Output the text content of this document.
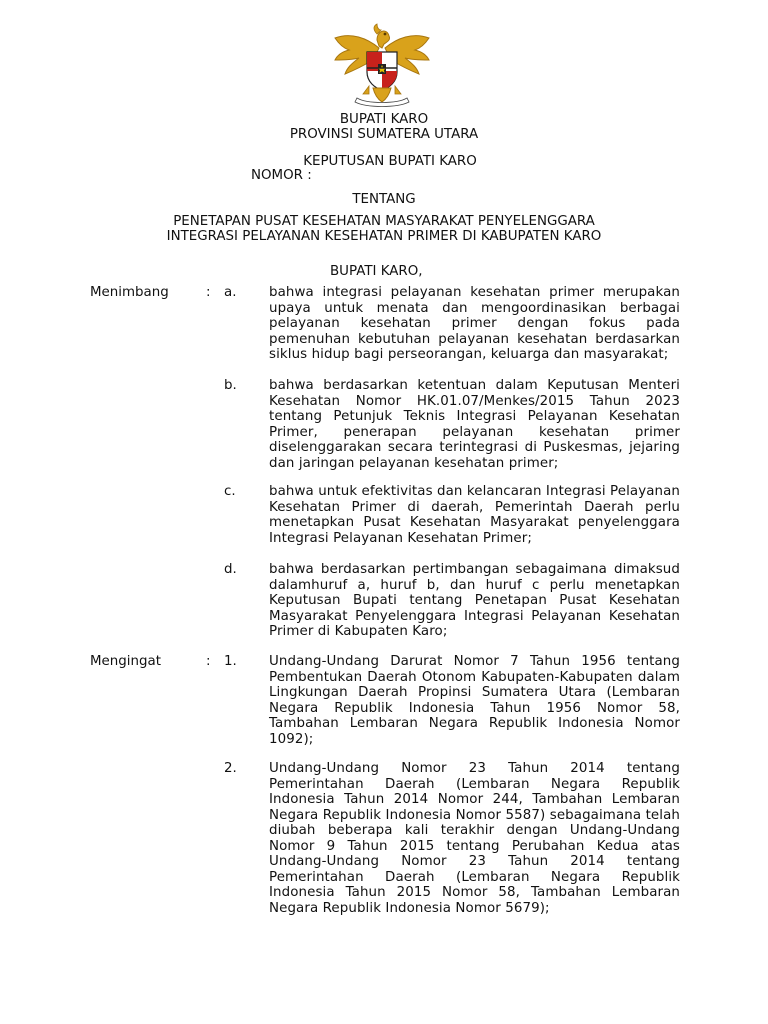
BUPATI KARO
PROVINSI SUMATERA UTARA
KEPUTUSAN BUPATI KARO
NOMOR :
TENTANG
PENETAPAN PUSAT KESEHATAN MASYARAKAT PENYELENGGARA
INTEGRASI PELAYANAN KESEHATAN PRIMER DI KABUPATEN KARO
BUPATI KARO,
Menimbang	: a. bahwa integrasi pelayanan kesehatan primer merupakan upaya untuk menata dan mengoordinasikan berbagai pelayanan kesehatan primer dengan fokus pada pemenuhan kebutuhan pelayanan kesehatan berdasarkan siklus hidup bagi perseorangan, keluarga dan masyarakat;
b. bahwa berdasarkan ketentuan dalam Keputusan Menteri Kesehatan Nomor HK.01.07/Menkes/2015 Tahun 2023 tentang Petunjuk Teknis Integrasi Pelayanan Kesehatan Primer, penerapan pelayanan kesehatan primer diselenggarakan secara terintegrasi di Puskesmas, jejaring dan jaringan pelayanan kesehatan primer;
c. bahwa untuk efektivitas dan kelancaran Integrasi Pelayanan Kesehatan Primer di daerah, Pemerintah Daerah perlu menetapkan Pusat Kesehatan Masyarakat penyelenggara Integrasi Pelayanan Kesehatan Primer;
d. bahwa berdasarkan pertimbangan sebagaimana dimaksud dalamhuruf a, huruf b, dan huruf c perlu menetapkan Keputusan Bupati tentang Penetapan Pusat Kesehatan Masyarakat Penyelenggara Integrasi Pelayanan Kesehatan Primer di Kabupaten Karo;
Mengingat	: 1. Undang-Undang Darurat Nomor 7 Tahun 1956 tentang Pembentukan Daerah Otonom Kabupaten-Kabupaten dalam Lingkungan Daerah Propinsi Sumatera Utara (Lembaran Negara Republik Indonesia Tahun 1956 Nomor 58, Tambahan Lembaran Negara Republik Indonesia Nomor 1092);
2. Undang-Undang Nomor 23 Tahun 2014 tentang Pemerintahan Daerah (Lembaran Negara Republik Indonesia Tahun 2014 Nomor 244, Tambahan Lembaran Negara Republik Indonesia Nomor 5587) sebagaimana telah diubah beberapa kali terakhir dengan Undang-Undang Nomor 9 Tahun 2015 tentang Perubahan Kedua atas Undang-Undang Nomor 23 Tahun 2014 tentang Pemerintahan Daerah (Lembaran Negara Republik Indonesia Tahun 2015 Nomor 58, Tambahan Lembaran Negara Republik Indonesia Nomor 5679);
